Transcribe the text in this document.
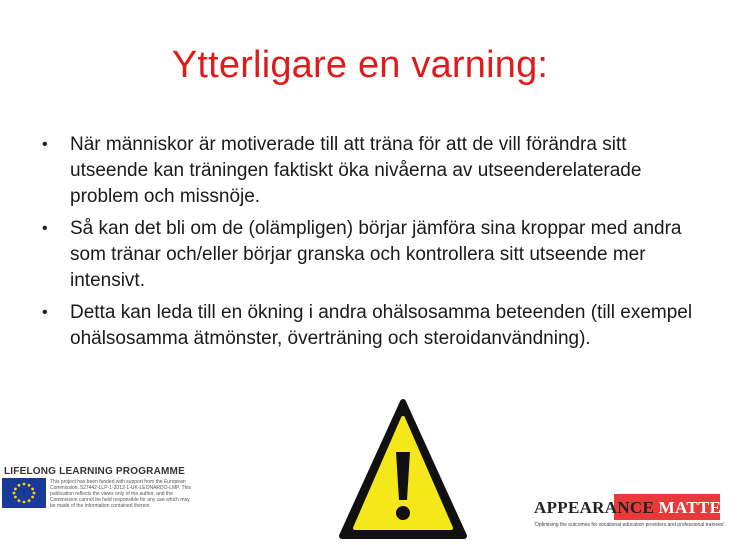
Ytterligare en varning:
•	När människor är motiverade till att träna för att de vill förändra sitt utseende kan träningen faktiskt öka nivåerna av utseenderelaterade problem och missnöje.
•	Så kan det bli om de (olämpligen) börjar jämföra sina kroppar med andra som tränar och/eller börjar granska och kontrollera sitt utseende mer intensivt.
•	Detta kan leda till en ökning i andra ohälsosamma beteenden (till exempel ohälsosamma ätmönster, överträning och steroidanvändning).
LIFELONG LEARNING PROGRAMME
This project has been funded with support from the European Commission. 527442-LLP-1-2012-1-UK-LEONARDO-LMP. This publication reflects the views only of the author, and the Commission cannot be held responsible for any use which may be made of the information contained therein.	APPEARANCE MATTERS
'Optimising the outcomes for vocational education providers and professional trainees'
